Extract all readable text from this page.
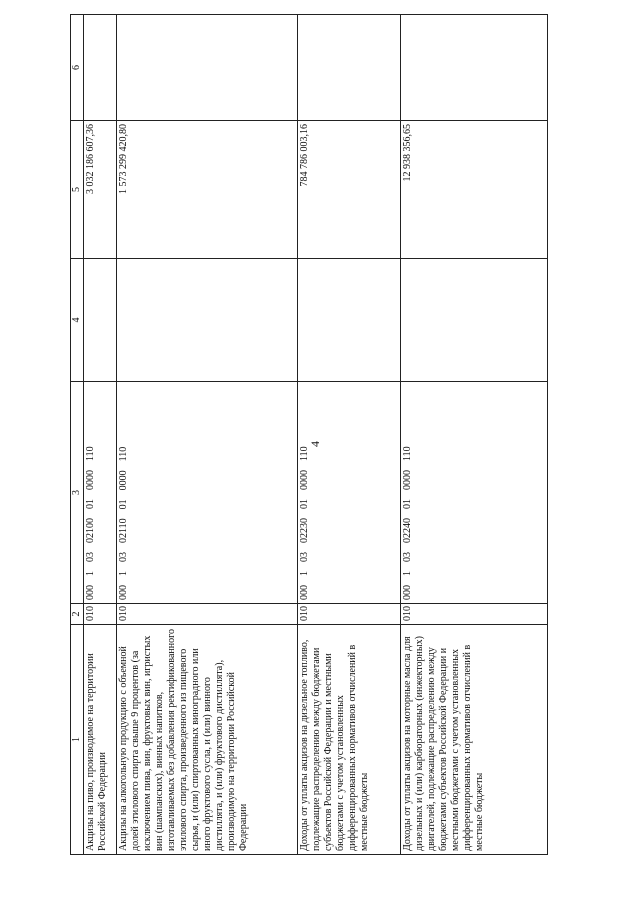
4
1	2	3	4	5	6
Акцизы на пиво, производимое на территории Российской Федерации	010	00010302100010000110		3 032 186 607,36	
Акцизы на алкогольную продукцию с объемной долей этилового спирта свыше 9 процентов (за исключением пива, вин, фруктовых вин, игристых вин (шампанских), винных напитков, изготавливаемых без добавления ректификованного этилового спирта, произведенного из пищевого сырья, и (или) спиртованных виноградного или иного фруктового сусла, и (или) винного дистиллята, и (или) фруктового дистиллята), производимую на территории Российской Федерации	010	00010302110010000110		1 573 299 420,80	
Доходы от уплаты акцизов на дизельное топливо, подлежащие распределению между бюджетами субъектов Российской Федерации и местными бюджетами с учетом установленных дифференцированных нормативов отчислений в местные бюджеты	010	00010302230010000110		784 786 003,16	
Доходы от уплаты акцизов на моторные масла для дизельных и (или) карбюраторных (инжекторных) двигателей, подлежащие распределению между бюджетами субъектов Российской Федерации и местными бюджетами с учетом установленных дифференцированных нормативов отчислений в местные бюджеты	010	00010302240010000110		12 938 356,65	
